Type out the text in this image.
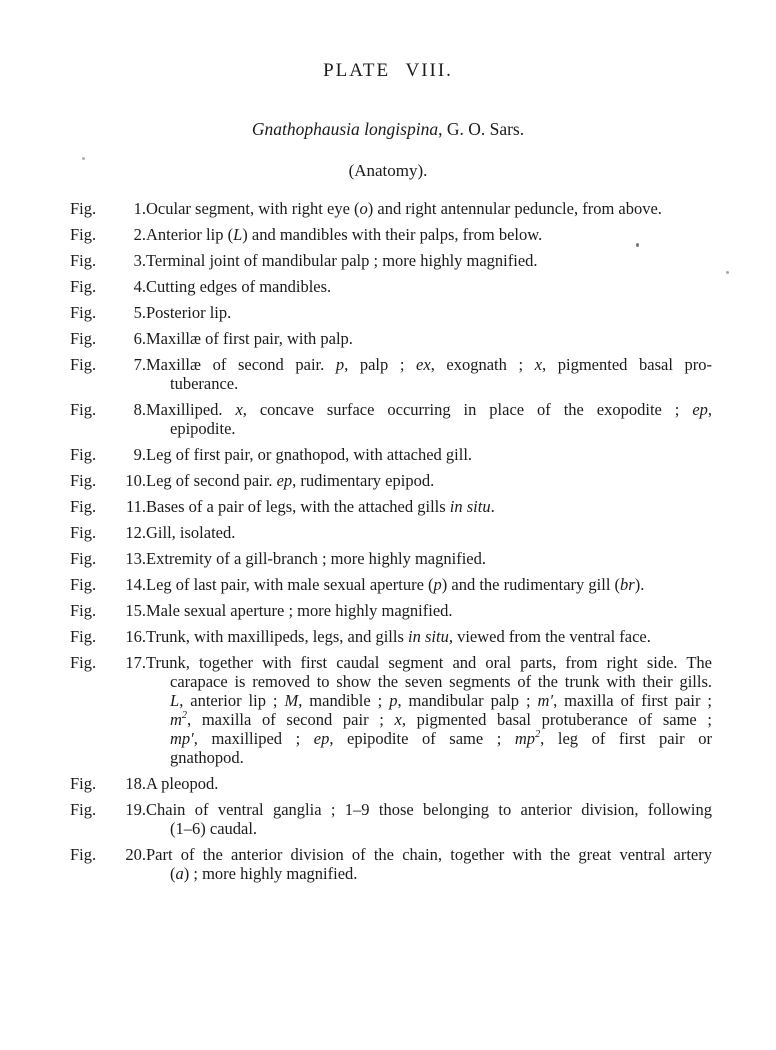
PLATE VIII.
Gnathophausia longispina, G. O. Sars.
(Anatomy).
Fig.	1. Ocular segment, with right eye (o) and right antennular peduncle, from above.
Fig.	2. Anterior lip (L) and mandibles with their palps, from below.
Fig.	3. Terminal joint of mandibular palp ; more highly magnified.
Fig.	4. Cutting edges of mandibles.
Fig.	5. Posterior lip.
Fig.	6. Maxillæ of first pair, with palp.
Fig.	7. Maxillæ of second pair. p, palp ; ex, exognath ; x, pigmented basal pro-
tuberance.
Fig.	8. Maxilliped. x, concave surface occurring in place of the exopodite ; ep,
epipodite.
Fig.	9. Leg of first pair, or gnathopod, with attached gill.
Fig.	10. Leg of second pair. ep, rudimentary epipod.
Fig.	11. Bases of a pair of legs, with the attached gills in situ.
Fig.	12. Gill, isolated.
Fig.	13. Extremity of a gill-branch ; more highly magnified.
Fig.	14. Leg of last pair, with male sexual aperture (p) and the rudimentary gill (br).
Fig.	15. Male sexual aperture ; more highly magnified.
Fig.	16. Trunk, with maxillipeds, legs, and gills in situ, viewed from the ventral face.
Fig.	17. Trunk, together with first caudal segment and oral parts, from right side. The
carapace is removed to show the seven segments of the trunk with their gills.
L, anterior lip ; M, mandible ; p, mandibular palp ; m′, maxilla of first pair ;
$m^2$, maxilla of second pair ; x, pigmented basal protuberance of same ;
mp′, maxilliped ; ep, epipodite of same ; $mp^2$, leg of first pair or
gnathopod.
Fig.	18. A pleopod.
Fig.	19. Chain of ventral ganglia ; 1–9 those belonging to anterior division, following
(1–6) caudal.
Fig.	20. Part of the anterior division of the chain, together with the great ventral artery
(a) ; more highly magnified.
